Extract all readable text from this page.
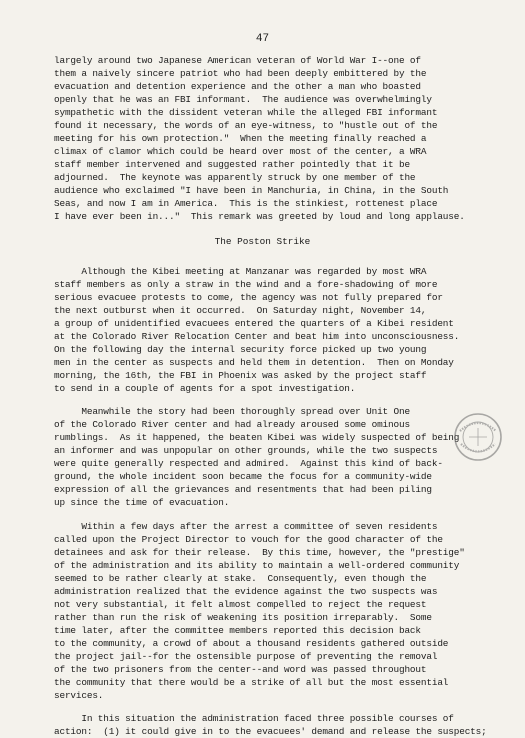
47
largely around two Japanese American veteran of World War I--one of
them a naively sincere patriot who had been deeply embittered by the
evacuation and detention experience and the other a man who boasted
openly that he was an FBI informant.  The audience was overwhelmingly
sympathetic with the dissident veteran while the alleged FBI informant
found it necessary, the words of an eye-witness, to "hustle out of the
meeting for his own protection."  When the meeting finally reached a
climax of clamor which could be heard over most of the center, a WRA
staff member intervened and suggested rather pointedly that it be
adjourned.  The keynote was apparently struck by one member of the
audience who exclaimed "I have been in Manchuria, in China, in the South
Seas, and now I am in America.  This is the stinkiest, rottenest place
I have ever been in..."  This remark was greeted by loud and long applause.
The Poston Strike
Although the Kibei meeting at Manzanar was regarded by most WRA
staff members as only a straw in the wind and a fore-shadowing of more
serious evacuee protests to come, the agency was not fully prepared for
the next outburst when it occurred.  On Saturday night, November 14,
a group of unidentified evacuees entered the quarters of a Kibei resident
at the Colorado River Relocation Center and beat him into unconsciousness.
On the following day the internal security force picked up two young
men in the center as suspects and held them in detention.  Then on Monday
morning, the 16th, the FBI in Phoenix was asked by the project staff
to send in a couple of agents for a spot investigation.
Meanwhile the story had been thoroughly spread over Unit One
of the Colorado River center and had already aroused some ominous
rumblings.  As it happened, the beaten Kibei was widely suspected of being
an informer and was unpopular on other grounds, while the two suspects
were quite generally respected and admired.  Against this kind of back-
ground, the whole incident soon became the focus for a community-wide
expression of all the grievances and resentments that had been piling
up since the time of evacuation.
Within a few days after the arrest a committee of seven residents
called upon the Project Director to vouch for the good character of the
detainees and ask for their release.  By this time, however, the "prestige"
of the administration and its ability to maintain a well-ordered community
seemed to be rather clearly at stake.  Consequently, even though the
administration realized that the evidence against the two suspects was
not very substantial, it felt almost compelled to reject the request
rather than run the risk of weakening its position irreparably.  Some
time later, after the committee members reported this decision back
to the community, a crowd of about a thousand residents gathered outside
the project jail--for the ostensible purpose of preventing the removal
of the two prisoners from the center--and word was passed throughout
the community that there would be a strike of all but the most essential
services.
In this situation the administration faced three possible courses of
action:  (1) it could give in to the evacuees' demand and release the suspects;
